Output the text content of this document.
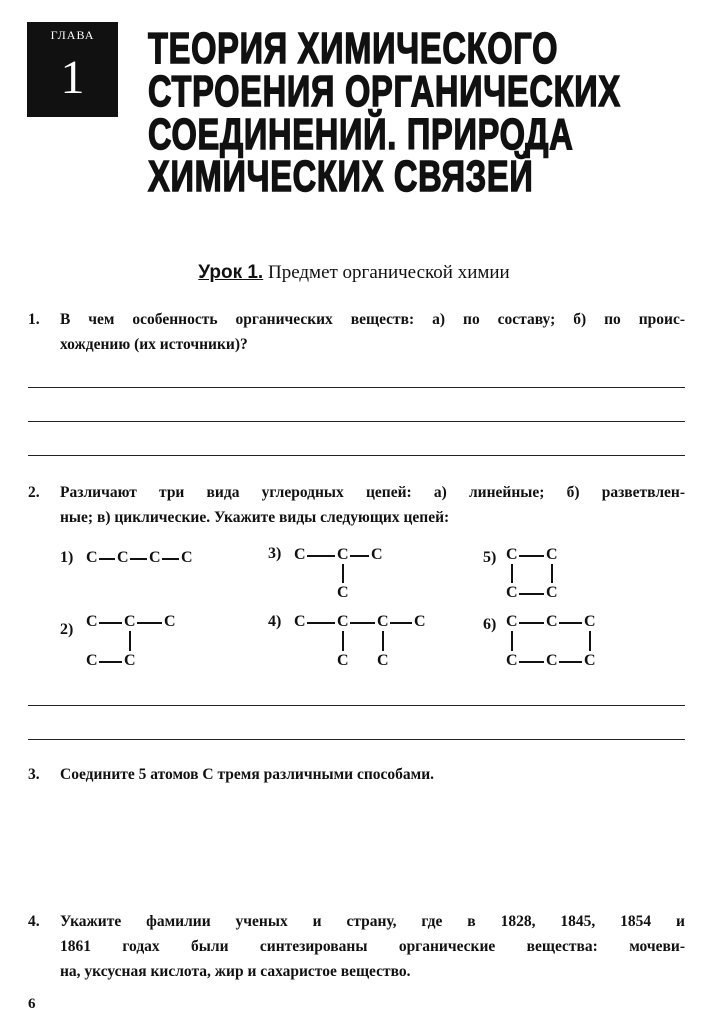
ГЛАВА
1
ТЕОРИЯ ХИМИЧЕСКОГО
СТРОЕНИЯ ОРГАНИЧЕСКИХ
СОЕДИНЕНИЙ. ПРИРОДА
ХИМИЧЕСКИХ СВЯЗЕЙ
Урок 1. Предмет органической химии
1. В чем особенность органических веществ: а) по составу; б) по проис-
хождению (их источники)?
2. Различают три вида углеродных цепей: а) линейные; б) разветвлен-
ные; в) циклические. Укажите виды следующих цепей:
1) C C C C
2) C C C
C C
3) C C C
C
4) C C C C
C C
5) C C
C C
6) C C C
C C C
3. Соедините 5 атомов С тремя различными способами.
4. Укажите фамилии ученых и страну, где в 1828, 1845, 1854 и
1861 годах были синтезированы органические вещества: мочеви-
на, уксусная кислота, жир и сахаристое вещество.
6
